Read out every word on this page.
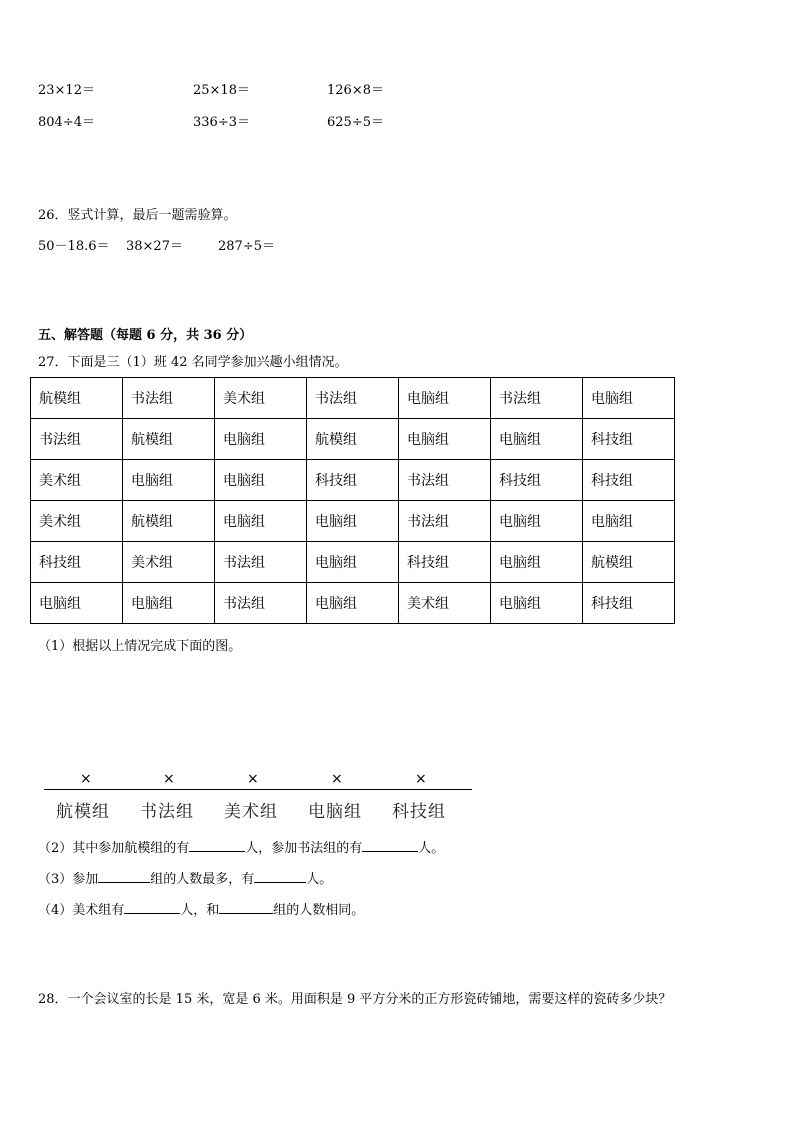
23×12＝	25×18＝	126×8＝
804÷4＝	336÷3＝	625÷5＝
26．竖式计算，最后一题需验算。
50－18.6＝ 38×27＝	287÷5＝
五、解答题（每题 6 分，共 36 分）
27．下面是三（1）班 42 名同学参加兴趣小组情况。
航模组	书法组	美术组	书法组	电脑组	书法组	电脑组
书法组	航模组	电脑组	航模组	电脑组	电脑组	科技组
美术组	电脑组	电脑组	科技组	书法组	科技组	科技组
美术组	航模组	电脑组	电脑组	书法组	电脑组	电脑组
科技组	美术组	书法组	电脑组	科技组	电脑组	航模组
电脑组	电脑组	书法组	电脑组	美术组	电脑组	科技组
（1）根据以上情况完成下面的图。
×	×	×	×	×
航模组 书法组 美术组 电脑组 科技组
（2）其中参加航模组的有	人，参加书法组的有	人。
（3）参加	组的人数最多，有	人。
（4）美术组有	人，和	组的人数相同。
28．一个会议室的长是 15 米，宽是 6 米。用面积是 9 平方分米的正方形瓷砖铺地，需要这样的瓷砖多少块？
